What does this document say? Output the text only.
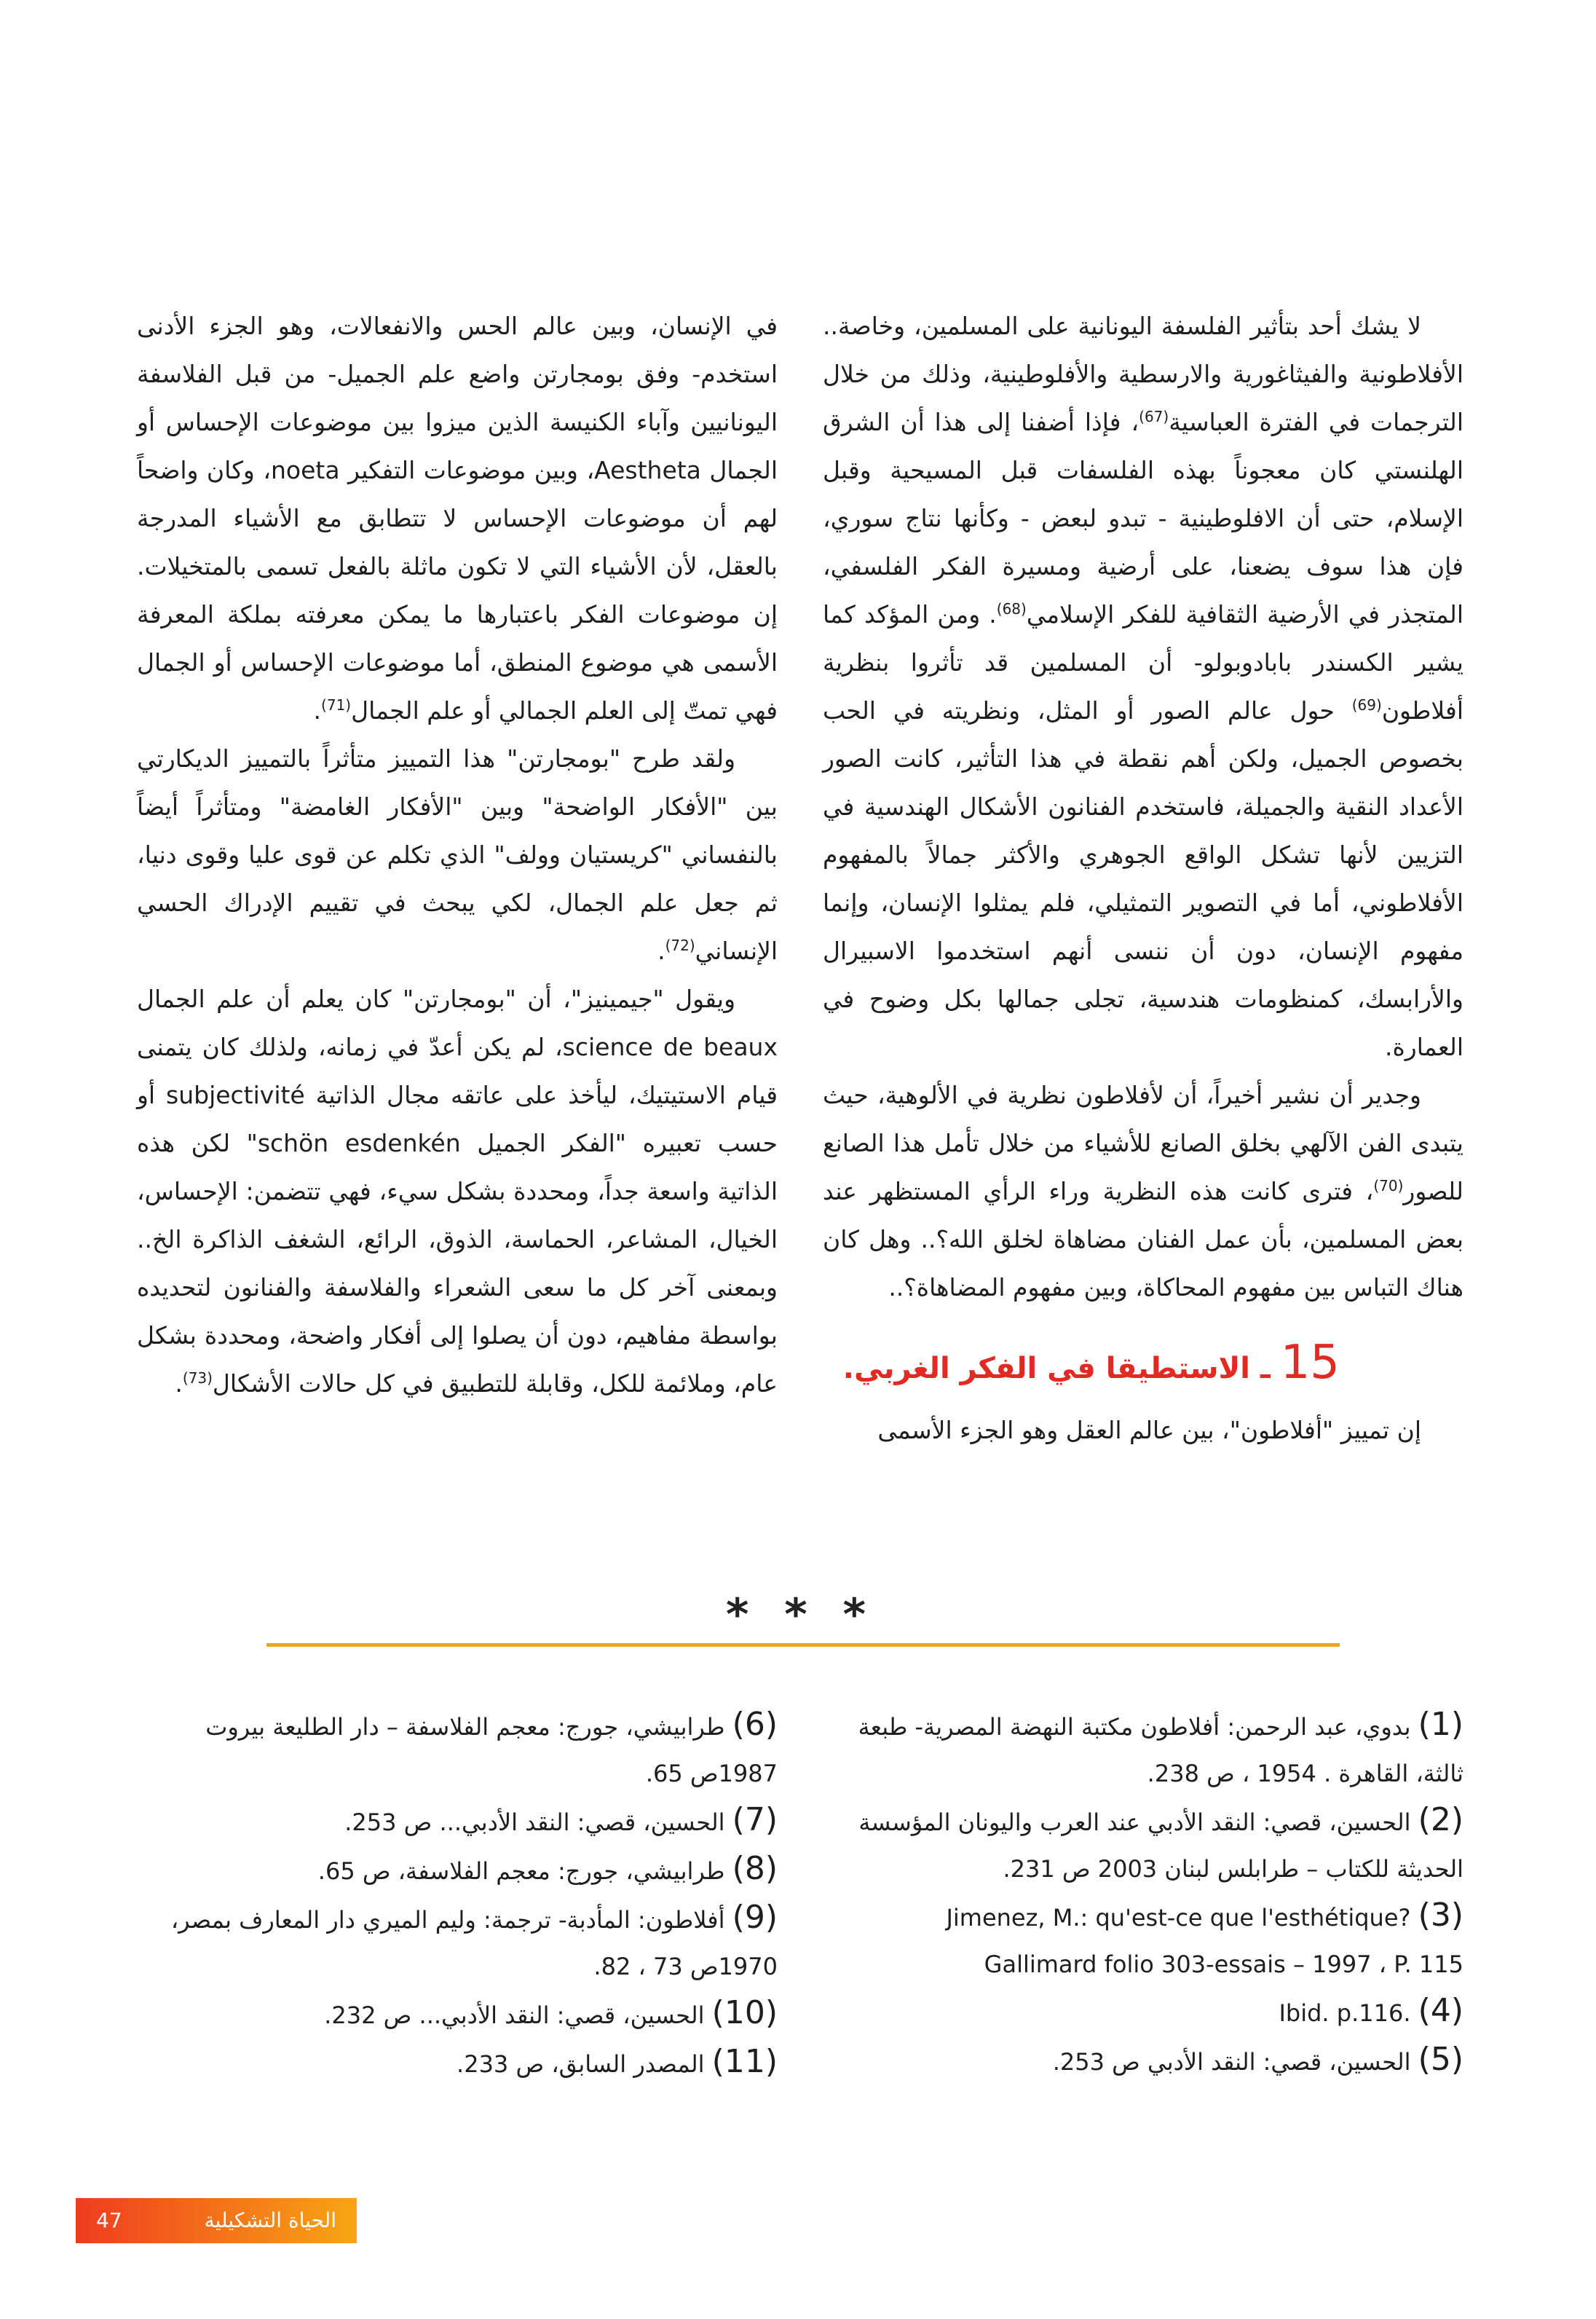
لا يشك أحد بتأثير الفلسفة اليونانية على المسلمين، وخاصة.. الأفلاطونية والفيثاغورية والارسطية والأفلوطينية، وذلك من خلال الترجمات في الفترة العباسية$^{(67)}$، فإذا أضفنا إلى هذا أن الشرق الهلنستي كان معجوناً بهذه الفلسفات قبل المسيحية وقبل الإسلام، حتى أن الافلوطينية - تبدو لبعض - وكأنها نتاج سوري، فإن هذا سوف يضعنا، على أرضية ومسيرة الفكر الفلسفي، المتجذر في الأرضية الثقافية للفكر الإسلامي$^{(68)}$. ومن المؤكد كما يشير الكسندر بابادوبولو- أن المسلمين قد تأثروا بنظرية أفلاطون$^{(69)}$ حول عالم الصور أو المثل، ونظريته في الحب بخصوص الجميل، ولكن أهم نقطة في هذا التأثير، كانت الصور الأعداد النقية والجميلة، فاستخدم الفنانون الأشكال الهندسية في التزيين لأنها تشكل الواقع الجوهري والأكثر جمالاً بالمفهوم الأفلاطوني، أما في التصوير التمثيلي، فلم يمثلوا الإنسان، وإنما مفهوم الإنسان، دون أن ننسى أنهم استخدموا الاسبيرال والأرابسك، كمنظومات هندسية، تجلى جمالها بكل وضوح في العمارة.

وجدير أن نشير أخيراً، أن لأفلاطون نظرية في الألوهية، حيث يتبدى الفن الآلهي بخلق الصانع للأشياء من خلال تأمل هذا الصانع للصور$^{(70)}$، فترى كانت هذه النظرية وراء الرأي المستظهر عند بعض المسلمين، بأن عمل الفنان مضاهاة لخلق الله؟.. وهل كان هناك التباس بين مفهوم المحاكاة، وبين مفهوم المضاهاة؟..

15 ـ الاستطيقا في الفكر الغربي.

إن تمييز "أفلاطون"، بين عالم العقل وهو الجزء الأسمى

في الإنسان، وبين عالم الحس والانفعالات، وهو الجزء الأدنى استخدم- وفق بومجارتن واضع علم الجميل- من قبل الفلاسفة اليونانيين وآباء الكنيسة الذين ميزوا بين موضوعات الإحساس أو الجمال Aestheta، وبين موضوعات التفكير noeta، وكان واضحاً لهم أن موضوعات الإحساس لا تتطابق مع الأشياء المدرجة بالعقل، لأن الأشياء التي لا تكون ماثلة بالفعل تسمى بالمتخيلات. إن موضوعات الفكر باعتبارها ما يمكن معرفته بملكة المعرفة الأسمى هي موضوع المنطق، أما موضوعات الإحساس أو الجمال فهي تمتّ إلى العلم الجمالي أو علم الجمال$^{(71)}$.

ولقد طرح "بومجارتن" هذا التمييز متأثراً بالتمييز الديكارتي بين "الأفكار الواضحة" وبين "الأفكار الغامضة" ومتأثراً أيضاً بالنفساني "كريستيان وولف" الذي تكلم عن قوى عليا وقوى دنيا، ثم جعل علم الجمال، لكي يبحث في تقييم الإدراك الحسي الإنساني$^{(72)}$.

ويقول "جيمينيز"، أن "بومجارتن" كان يعلم أن علم الجمال science de beaux، لم يكن أعدّ في زمانه، ولذلك كان يتمنى قيام الاستيتيك، ليأخذ على عاتقه مجال الذاتية subjectivité أو حسب تعبيره "الفكر الجميل schön esdenkén" لكن هذه الذاتية واسعة جداً، ومحددة بشكل سيء، فهي تتضمن: الإحساس، الخيال، المشاعر، الحماسة، الذوق، الرائع، الشغف الذاكرة الخ.. وبمعنى آخر كل ما سعى الشعراء والفلاسفة والفنانون لتحديده بواسطة مفاهيم، دون أن يصلوا إلى أفكار واضحة، ومحددة بشكل عام، وملائمة للكل، وقابلة للتطبيق في كل حالات الأشكال$^{(73)}$.

* * *

(1) بدوي، عبد الرحمن: أفلاطون مكتبة النهضة المصرية- طبعة ثالثة، القاهرة . 1954 ، ص 238.

(2) الحسين، قصي: النقد الأدبي عند العرب واليونان المؤسسة الحديثة للكتاب – طرابلس لبنان 2003 ص 231.

(3) Jimenez, M.: qu'est-ce que l'esthétique?
Gallimard folio 303-essais – 1997 ، P. 115

(4) Ibid. p.116.

(5) الحسين، قصي: النقد الأدبي ص 253.

(6) طرابيشي، جورج: معجم الفلاسفة – دار الطليعة بيروت 1987ص 65.

(7) الحسين، قصي: النقد الأدبي... ص 253.

(8) طرابيشي، جورج: معجم الفلاسفة، ص 65.

(9) أفلاطون: المأدبة- ترجمة: وليم الميري دار المعارف بمصر، 1970ص 73 ، 82.

(10) الحسين، قصي: النقد الأدبي... ص 232.

(11) المصدر السابق، ص 233.

الحياة التشكيلية
47
